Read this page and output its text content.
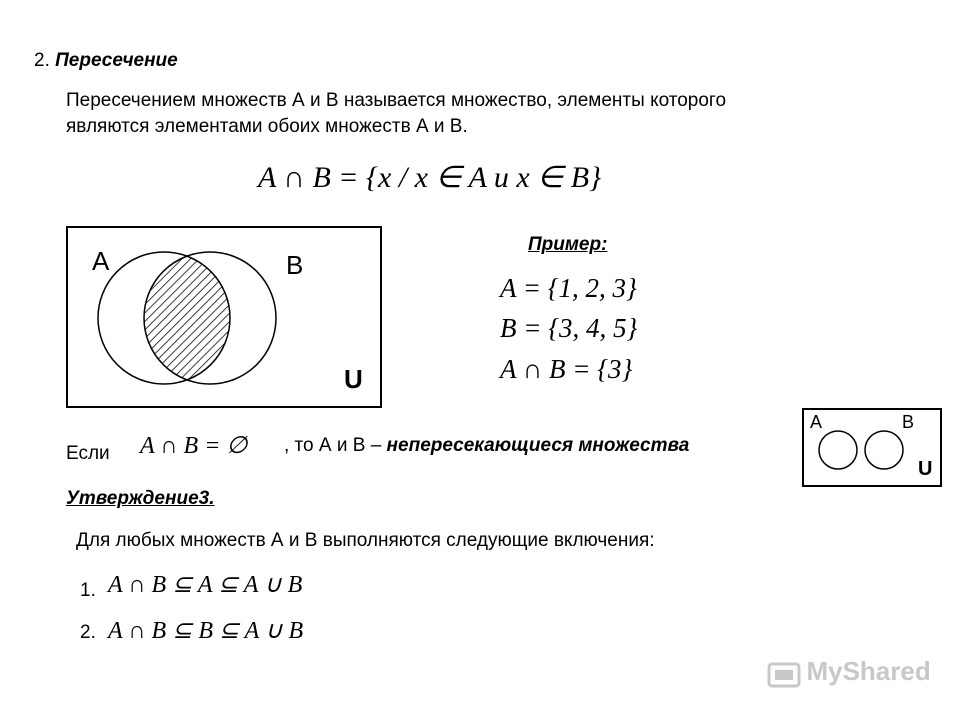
2. Пересечение
Пересечением множеств А и В называется множество, элементы которого
являются элементами обоих множеств А и В.
A ∩ B = {x / x ∈ A u x ∈ B}
A	B
U
Пример:
A = {1, 2, 3}
B = {3, 4, 5}
A ∩ B = {3}
Если A ∩ B = ∅ , то А и В – непересекающиеся множества
A	B
U
Утверждение3.
Для любых множеств А и В выполняются следующие включения:
1. A ∩ B ⊆ A ⊆ A ∪ B
2. A ∩ B ⊆ B ⊆ A ∪ B
MyShared
